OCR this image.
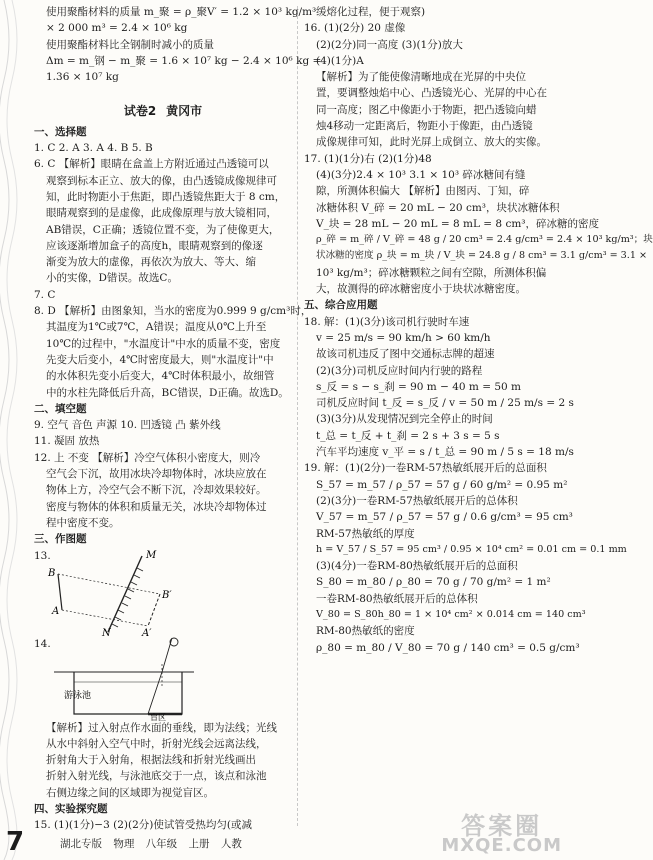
使用聚酯材料的质量 m_聚 = ρ_聚V′ = 1.2 × 10³ kg/m³
× 2 000 m³ = 2.4 × 10⁶ kg
使用聚酯材料比全钢制时减小的质量
Δm = m_钢 − m_聚 = 1.6 × 10⁷ kg − 2.4 × 10⁶ kg =
1.36 × 10⁷ kg
试卷2 黄冈市
一、选择题
1. C 2. A 3. A 4. B 5. B
6. C 【解析】眼睛在盒盖上方附近通过凸透镜可以
观察到标本正立、放大的像，由凸透镜成像规律可
知，此时物距小于焦距，即凸透镜焦距大于 8 cm，
眼睛观察到的是虚像，此成像原理与放大镜相同，
AB错误，C正确；透镜位置不变，为了使像更大，
应该逐渐增加盒子的高度h，眼睛观察到的像逐
渐变为放大的虚像，再依次为放大、等大、缩
小的实像，D错误。故选C。
7. C
8. D 【解析】由图象知，当水的密度为0.999 9 g/cm³时，
其温度为1℃或7℃，A错误；温度从0℃上升至
10℃的过程中，"水温度计"中水的质量不变，密度
先变大后变小，4℃时密度最大，则"水温度计"中
的水体积先变小后变大，4℃时体积最小，故细管
中的水柱先降低后升高，BC错误，D正确。故选D。
二、填空题
9. 空气 音色 声源 10. 凹透镜 凸 紫外线
11. 凝固 放热
12. 上 不变 【解析】冷空气体积小密度大，则冷
空气会下沉，故用冰块冷却物体时，冰块应放在
物体上方，冷空气会不断下沉，冷却效果较好。
密度与物体的体积和质量无关，冰块冷却物体过
程中密度不变。
三、作图题
13.	M
N
B
B′
A
A′
14.
游泳池
盲区
【解析】过入射点作水面的垂线，即为法线；光线
从水中斜射入空气中时，折射光线会远离法线，
折射角大于入射角，根据法线和折射光线画出
折射入射光线，与泳池底交于一点，该点和泳池
右侧边缘之间的区域即为视觉盲区。
四、实验探究题
15. (1)(1分)−3 (2)(2分)使试管受热均匀(或减
缓熔化过程，便于观察)
16. (1)(2分) 20 虚像
(2)(2分)同一高度 (3)(1分)放大
(4)(1分)A
【解析】为了能使像清晰地成在光屏的中央位
置，要调整烛焰中心、凸透镜光心、光屏的中心在
同一高度；图乙中像距小于物距，把凸透镜向蜡
烛4移动一定距离后，物距小于像距，由凸透镜
成像规律可知，此时光屏上成倒立、放大的实像。
17. (1)(1分)右 (2)(1分)48
(4)(3分)2.4 × 10³ 3.1 × 10³ 碎冰糖间有缝
隙，所测体积偏大 【解析】由图丙、丁知，碎
冰糖体积 V_碎 = 20 mL − 20 cm³，块状冰糖体积
V_块 = 28 mL − 20 mL = 8 mL = 8 cm³，碎冰糖的密度
ρ_碎 = m_碎 / V_碎 = 48 g / 20 cm³ = 2.4 g/cm³ = 2.4 × 10³ kg/m³；块
状冰糖的密度 ρ_块 = m_块 / V_块 = 24.8 g / 8 cm³ = 3.1 g/cm³ = 3.1 ×
10³ kg/m³；碎冰糖颗粒之间有空隙，所测体积偏
大，故测得的碎冰糖密度小于块状冰糖密度。
五、综合应用题
18. 解：(1)(3分)该司机行驶时车速
v = 25 m/s = 90 km/h > 60 km/h
故该司机违反了图中交通标志牌的超速
(2)(3分)司机反应时间内行驶的路程
s_反 = s − s_刹 = 90 m − 40 m = 50 m
司机反应时间 t_反 = s_反 / v = 50 m / 25 m/s = 2 s
(3)(3分)从发现情况到完全停止的时间
t_总 = t_反 + t_刹 = 2 s + 3 s = 5 s
汽车平均速度 v_平 = s / t_总 = 90 m / 5 s = 18 m/s
19. 解：(1)(2分)一卷RM-57热敏纸展开后的总面积
S_57 = m_57 / ρ_57 = 57 g / 60 g/m² = 0.95 m²
(2)(3分)一卷RM-57热敏纸展开后的总体积
V_57 = m_57 / ρ_57 = 57 g / 0.6 g/cm³ = 95 cm³
RM-57热敏纸的厚度
h = V_57 / S_57 = 95 cm³ / 0.95 × 10⁴ cm² = 0.01 cm = 0.1 mm
(3)(4分)一卷RM-80热敏纸展开后的总面积
S_80 = m_80 / ρ_80 = 70 g / 70 g/m² = 1 m²
一卷RM-80热敏纸展开后的总体积
V_80 = S_80h_80 = 1 × 10⁴ cm² × 0.014 cm = 140 cm³
RM-80热敏纸的密度
ρ_80 = m_80 / V_80 = 70 g / 140 cm³ = 0.5 g/cm³
7	湖北专版 物理 八年级 上册 人教
答案圈
MXQE.COM
